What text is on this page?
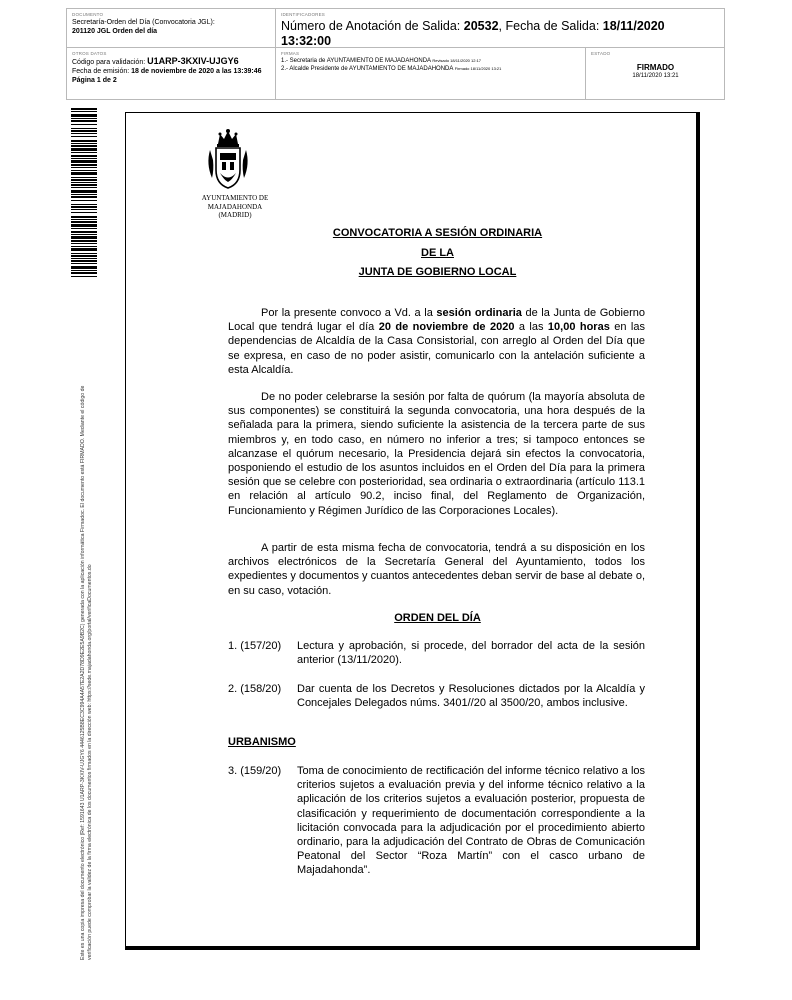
DOCUMENTO
Secretaría-Orden del Día (Convocatoria JGL):
201120 JGL Orden del día
IDENTIFICADORES
Número de Anotación de Salida: 20532, Fecha de Salida: 18/11/2020
13:32:00
OTROS DATOS
Código para validación: U1ARP-3KXIV-UJGY6
Fecha de emisión: 18 de noviembre de 2020 a las 13:39:46
Página 1 de 2
FIRMAS
1.- Secretaria de AYUNTAMIENTO DE MAJADAHONDA Revisado 18/11/2020 12:17
2.- Alcalde Presidente de AYUNTAMIENTO DE MAJADAHONDA Firmado 18/11/2020 13:21
ESTADO
FIRMADO
18/11/2020 13:21
Este es una copia impresa del documento electrónico (Ref: 1591643 U1ARP-3KXIV-UJGY6 4446125B8EC3C994A4A57E2A2D78D9E2E5A9B2C) generada con la aplicación informática Firmadoc. El documento está FIRMADO. Mediante el código de verificación puede comprobar la validez de la firma electrónica de los documentos firmados en la dirección web: https://sede.majadahonda.org/portal/verificaDocumentos.do
AYUNTAMIENTO DE
MAJADAHONDA
(MADRID)
CONVOCATORIA A SESIÓN ORDINARIA
DE LA
JUNTA DE GOBIERNO LOCAL
Por la presente convoco a Vd. a la sesión ordinaria de la Junta de Gobierno Local que tendrá lugar el día 20 de noviembre de 2020 a las 10,00 horas en las dependencias de Alcaldía de la Casa Consistorial, con arreglo al Orden del Día que se expresa, en caso de no poder asistir, comunicarlo con la antelación suficiente a esta Alcaldía.
De no poder celebrarse la sesión por falta de quórum (la mayoría absoluta de sus componentes) se constituirá la segunda convocatoria, una hora después de la señalada para la primera, siendo suficiente la asistencia de la tercera parte de sus miembros y, en todo caso, en número no inferior a tres; si tampoco entonces se alcanzase el quórum necesario, la Presidencia dejará sin efectos la convocatoria, posponiendo el estudio de los asuntos incluidos en el Orden del Día para la primera sesión que se celebre con posterioridad, sea ordinaria o extraordinaria (artículo 113.1 en relación al artículo 90.2, inciso final, del Reglamento de Organización, Funcionamiento y Régimen Jurídico de las Corporaciones Locales).
A partir de esta misma fecha de convocatoria, tendrá a su disposición en los archivos electrónicos de la Secretaría General del Ayuntamiento, todos los expedientes y documentos y cuantos antecedentes deban servir de base al debate o, en su caso, votación.
ORDEN DEL DÍA
1. (157/20)	Lectura y aprobación, si procede, del borrador del acta de la sesión anterior (13/11/2020).
2. (158/20)	Dar cuenta de los Decretos y Resoluciones dictados por la Alcaldía y Concejales Delegados núms. 3401//20 al 3500/20, ambos inclusive.
URBANISMO
3. (159/20)	Toma de conocimiento de rectificación del informe técnico relativo a los criterios sujetos a evaluación previa y del informe técnico relativo a la aplicación de los criterios sujetos a evaluación posterior, propuesta de clasificación y requerimiento de documentación correspondiente a la licitación convocada para la adjudicación por el procedimiento abierto ordinario, para la adjudicación del Contrato de Obras de Comunicación Peatonal del Sector “Roza Martín” con el casco urbano de Majadahonda”.
